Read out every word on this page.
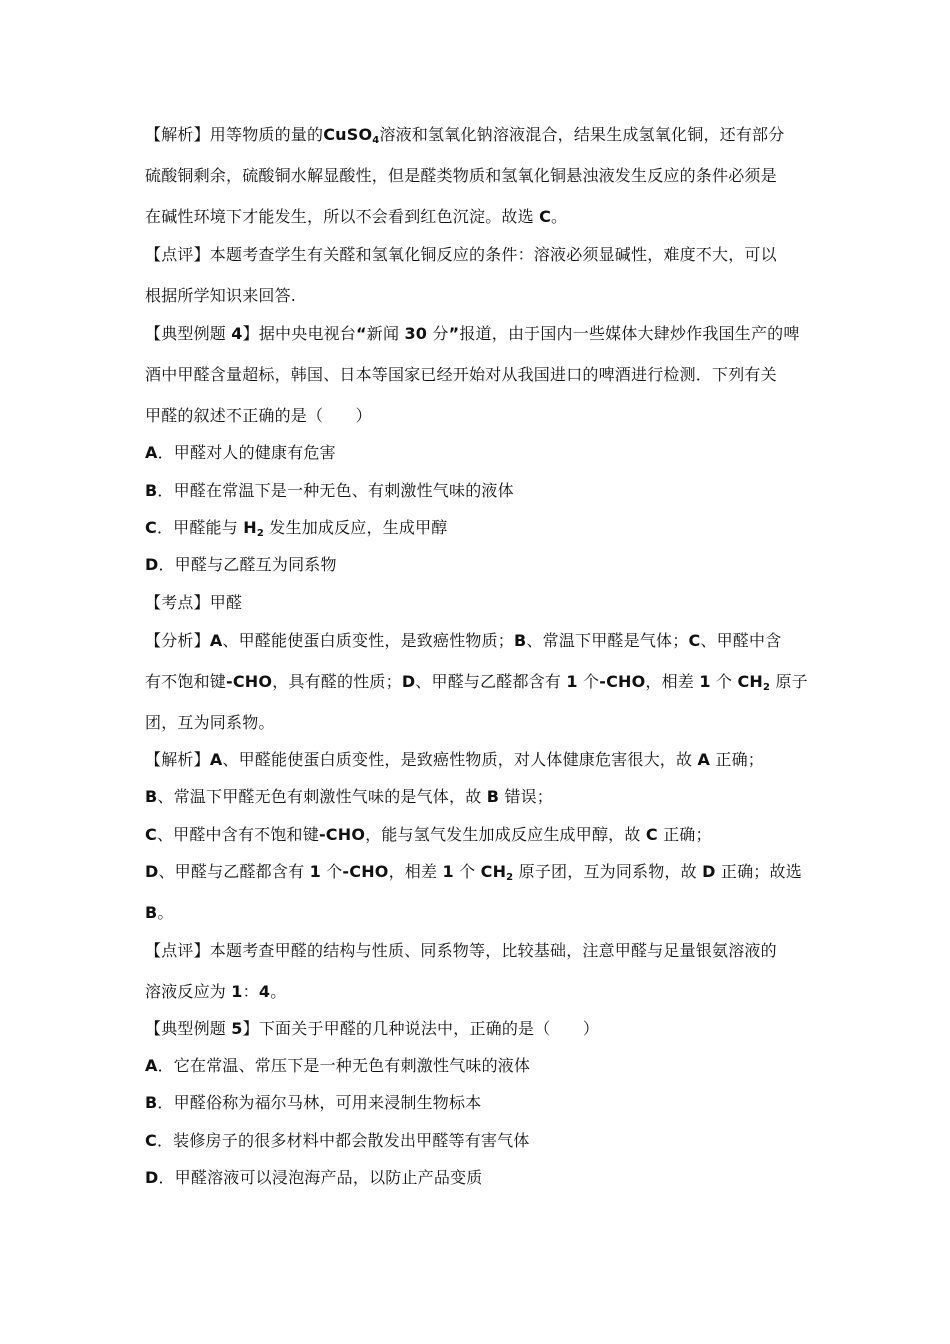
【解析】用等物质的量的CuSO$_4$溶液和氢氧化钠溶液混合，结果生成氢氧化铜，还有部分
硫酸铜剩余，硫酸铜水解显酸性，但是醛类物质和氢氧化铜悬浊液发生反应的条件必须是
在碱性环境下才能发生，所以不会看到红色沉淀。故选 C。
【点评】本题考查学生有关醛和氢氧化铜反应的条件：溶液必须显碱性，难度不大，可以
根据所学知识来回答.
【典型例题 4】据中央电视台“新闻 30 分”报道，由于国内一些媒体大肆炒作我国生产的啤
酒中甲醛含量超标，韩国、日本等国家已经开始对从我国进口的啤酒进行检测．下列有关
甲醛的叙述不正确的是（　　）
A．甲醛对人的健康有危害
B．甲醛在常温下是一种无色、有刺激性气味的液体
C．甲醛能与 $H_2$ 发生加成反应，生成甲醇
D．甲醛与乙醛互为同系物
【考点】甲醛
【分析】A、甲醛能使蛋白质变性，是致癌性物质；B、常温下甲醛是气体；C、甲醛中含
有不饱和键-CHO，具有醛的性质；D、甲醛与乙醛都含有 1 个-CHO，相差 1 个 $CH_2$ 原子
团，互为同系物。
【解析】A、甲醛能使蛋白质变性，是致癌性物质，对人体健康危害很大，故 A 正确；
B、常温下甲醛无色有刺激性气味的是气体，故 B 错误；
C、甲醛中含有不饱和键-CHO，能与氢气发生加成反应生成甲醇，故 C 正确；
D、甲醛与乙醛都含有 1 个-CHO，相差 1 个 $CH_2$ 原子团，互为同系物，故 D 正确；故选
B。
【点评】本题考查甲醛的结构与性质、同系物等，比较基础，注意甲醛与足量银氨溶液的
溶液反应为 1：4。
【典型例题 5】下面关于甲醛的几种说法中，正确的是（　　）
A．它在常温、常压下是一种无色有刺激性气味的液体
B．甲醛俗称为福尔马林，可用来浸制生物标本
C．装修房子的很多材料中都会散发出甲醛等有害气体
D．甲醛溶液可以浸泡海产品，以防止产品变质
